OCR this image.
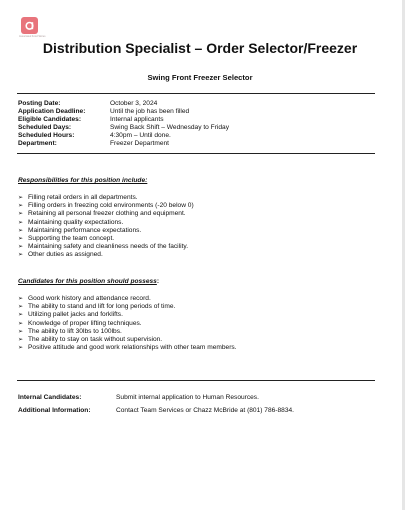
Associated Food Stores
Distribution Specialist – Order Selector/Freezer
Swing Front Freezer Selector
Posting Date:	October 3, 2024
Application Deadline:	Until the job has been filled
Eligible Candidates:	Internal applicants
Scheduled Days:	Swing Back Shift – Wednesday to Friday
Scheduled Hours:	4:30pm – Until done.
Department:	Freezer Department
Responsibilities for this position include:
➢ Filling retail orders in all departments.
➢ Filling orders in freezing cold environments (-20 below 0)
➢ Retaining all personal freezer clothing and equipment.
➢ Maintaining quality expectations.
➢ Maintaining performance expectations.
➢ Supporting the team concept.
➢ Maintaining safety and cleanliness needs of the facility.
➢ Other duties as assigned.
Candidates for this position should possess:
➢ Good work history and attendance record.
➢ The ability to stand and lift for long periods of time.
➢ Utilizing pallet jacks and forklifts.
➢ Knowledge of proper lifting techniques.
➢ The ability to lift 30lbs to 100lbs.
➢ The ability to stay on task without supervision.
➢ Positive attitude and good work relationships with other team members.
Internal Candidates:	Submit internal application to Human Resources.
Additional Information:	Contact Team Services or Chazz McBride at (801) 786-8834.
